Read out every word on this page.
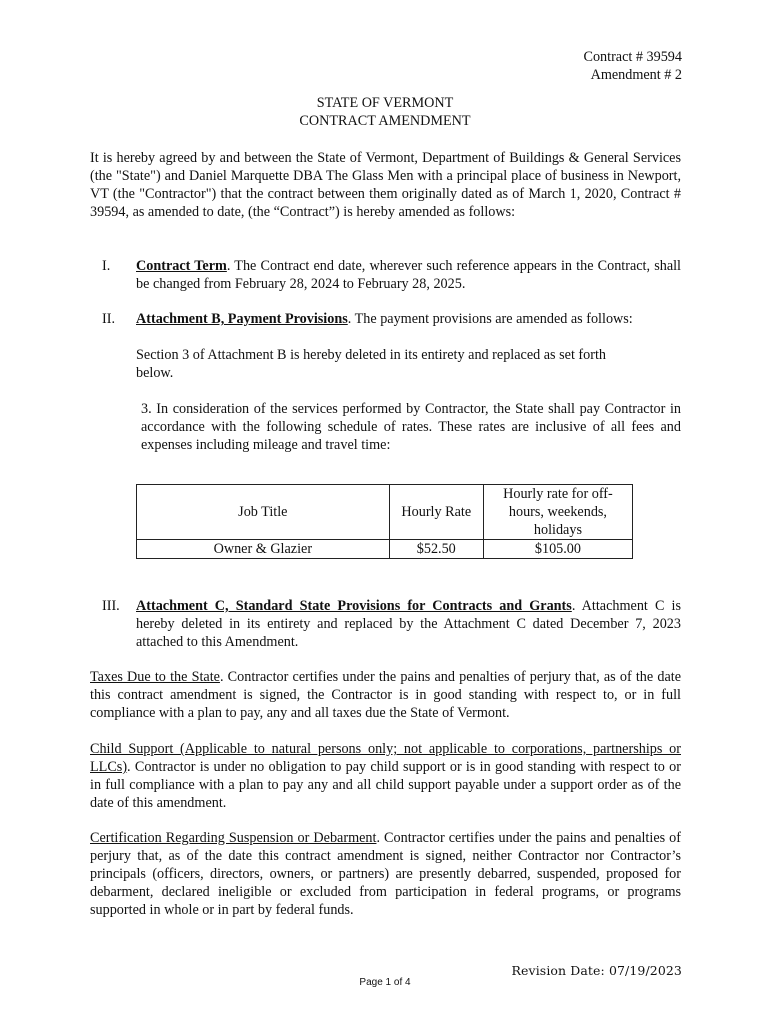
Contract # 39594
Amendment # 2
STATE OF VERMONT
CONTRACT AMENDMENT

It is hereby agreed by and between the State of Vermont, Department of Buildings & General Services (the "State") and Daniel Marquette DBA The Glass Men with a principal place of business in Newport, VT (the "Contractor") that the contract between them originally dated as of March 1, 2020, Contract # 39594, as amended to date, (the “Contract”) is hereby amended as follows:

I. Contract Term. The Contract end date, wherever such reference appears in the Contract, shall be changed from February 28, 2024 to February 28, 2025.

II. Attachment B, Payment Provisions. The payment provisions are amended as follows:

Section 3 of Attachment B is hereby deleted in its entirety and replaced as set forth below.

3. In consideration of the services performed by Contractor, the State shall pay Contractor in accordance with the following schedule of rates. These rates are inclusive of all fees and expenses including mileage and travel time:

Job Title	Hourly Rate	Hourly rate for off-hours, weekends, holidays
Owner & Glazier	$52.50	$105.00
III. Attachment C, Standard State Provisions for Contracts and Grants. Attachment C is hereby deleted in its entirety and replaced by the Attachment C dated December 7, 2023 attached to this Amendment.

Taxes Due to the State. Contractor certifies under the pains and penalties of perjury that, as of the date this contract amendment is signed, the Contractor is in good standing with respect to, or in full compliance with a plan to pay, any and all taxes due the State of Vermont.

Child Support (Applicable to natural persons only; not applicable to corporations, partnerships or LLCs). Contractor is under no obligation to pay child support or is in good standing with respect to or in full compliance with a plan to pay any and all child support payable under a support order as of the date of this amendment.

Certification Regarding Suspension or Debarment. Contractor certifies under the pains and penalties of perjury that, as of the date this contract amendment is signed, neither Contractor nor Contractor’s principals (officers, directors, owners, or partners) are presently debarred, suspended, proposed for debarment, declared ineligible or excluded from participation in federal programs, or programs supported in whole or in part by federal funds.

Revision Date: 07/19/2023
Page 1 of 4
